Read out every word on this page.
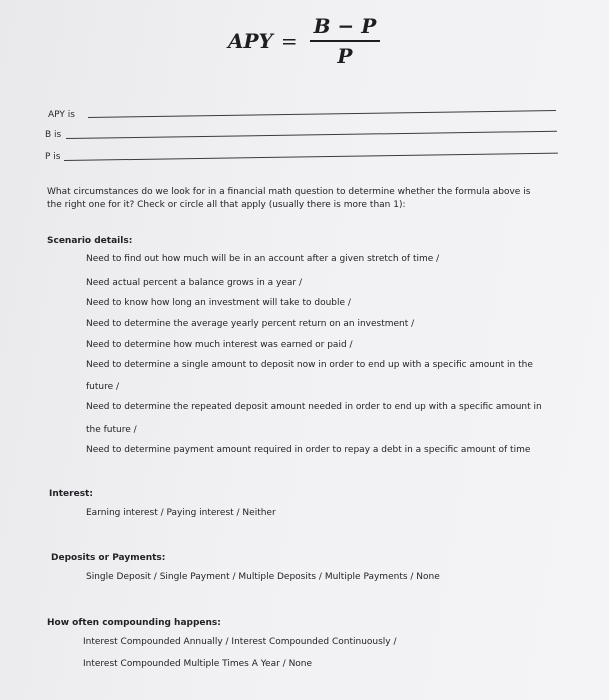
APY = $\frac{B - P}{P}$
APY is
B is
P is
What circumstances do we look for in a financial math question to determine whether the formula above is
the right one for it? Check or circle all that apply (usually there is more than 1):
Scenario details:
Need to find out how much will be in an account after a given stretch of time /
Need actual percent a balance grows in a year /
Need to know how long an investment will take to double /
Need to determine the average yearly percent return on an investment /
Need to determine how much interest was earned or paid /
Need to determine a single amount to deposit now in order to end up with a specific amount in the
future /
Need to determine the repeated deposit amount needed in order to end up with a specific amount in
the future /
Need to determine payment amount required in order to repay a debt in a specific amount of time
Interest:
Earning interest / Paying interest / Neither
Deposits or Payments:
Single Deposit / Single Payment / Multiple Deposits / Multiple Payments / None
How often compounding happens:
Interest Compounded Annually / Interest Compounded Continuously /
Interest Compounded Multiple Times A Year / None
